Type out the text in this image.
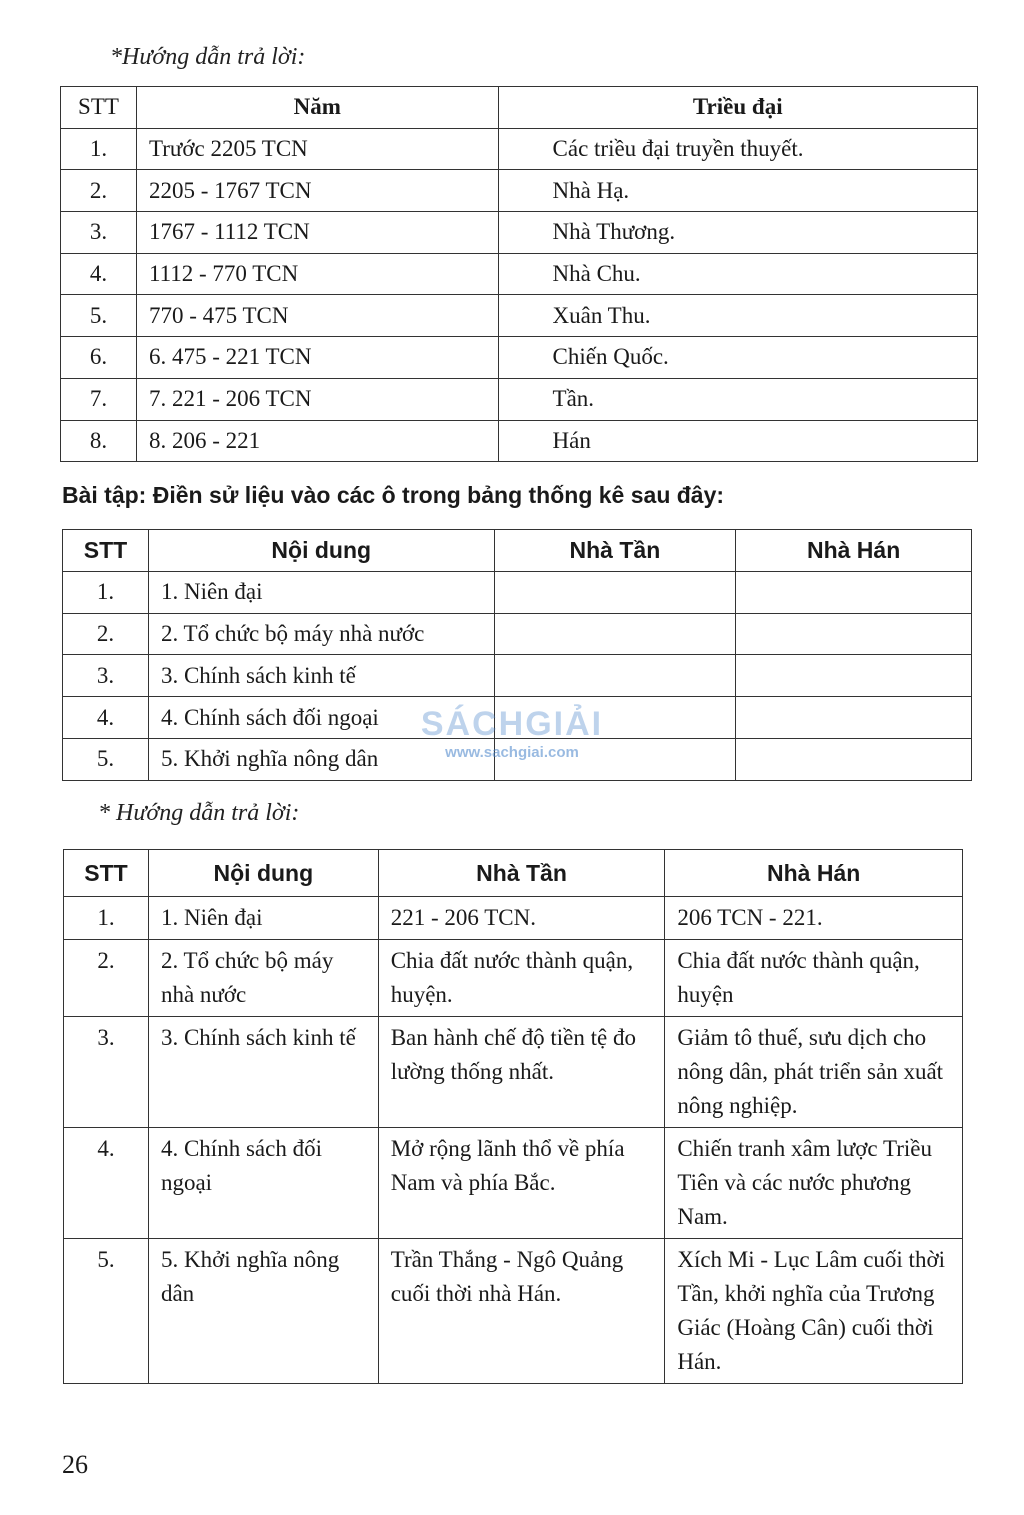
*Hướng dẫn trả lời:
STT	Năm	Triều đại
1.	Trước 2205 TCN	Các triều đại truyền thuyết.
2.	2205 - 1767 TCN	Nhà Hạ.
3.	1767 - 1112 TCN	Nhà Thương.
4.	1112 - 770 TCN	Nhà Chu.
5.	770 - 475 TCN	Xuân Thu.
6.	6. 475 - 221 TCN	Chiến Quốc.
7.	7. 221 - 206 TCN	Tần.
8.	8. 206 - 221	Hán
Bài tập: Điền sử liệu vào các ô trong bảng thống kê sau đây:
STT	Nội dung	Nhà Tần	Nhà Hán
1.	1. Niên đại		
2.	2. Tổ chức bộ máy nhà nước		
3.	3. Chính sách kinh tế		
4.	4. Chính sách đối ngoại		
5.	5. Khởi nghĩa nông dân		
SÁCHGIẢI
www.sachgiai.com
* Hướng dẫn trả lời:
STT	Nội dung	Nhà Tần	Nhà Hán
1.	1. Niên đại	221 - 206 TCN.	206 TCN - 221.
2.	2. Tổ chức bộ máy nhà nước	Chia đất nước thành quận, huyện.	Chia đất nước thành quận, huyện
3.	3. Chính sách kinh tế	Ban hành chế độ tiền tệ đo lường thống nhất.	Giảm tô thuế, sưu dịch cho nông dân, phát triển sản xuất nông nghiệp.
4.	4. Chính sách đối ngoại	Mở rộng lãnh thổ về phía Nam và phía Bắc.	Chiến tranh xâm lược Triều Tiên và các nước phương Nam.
5.	5. Khởi nghĩa nông dân	Trần Thắng - Ngô Quảng cuối thời nhà Hán.	Xích Mi - Lục Lâm cuối thời Tần, khởi nghĩa của Trương Giác (Hoàng Cân) cuối thời Hán.
26
